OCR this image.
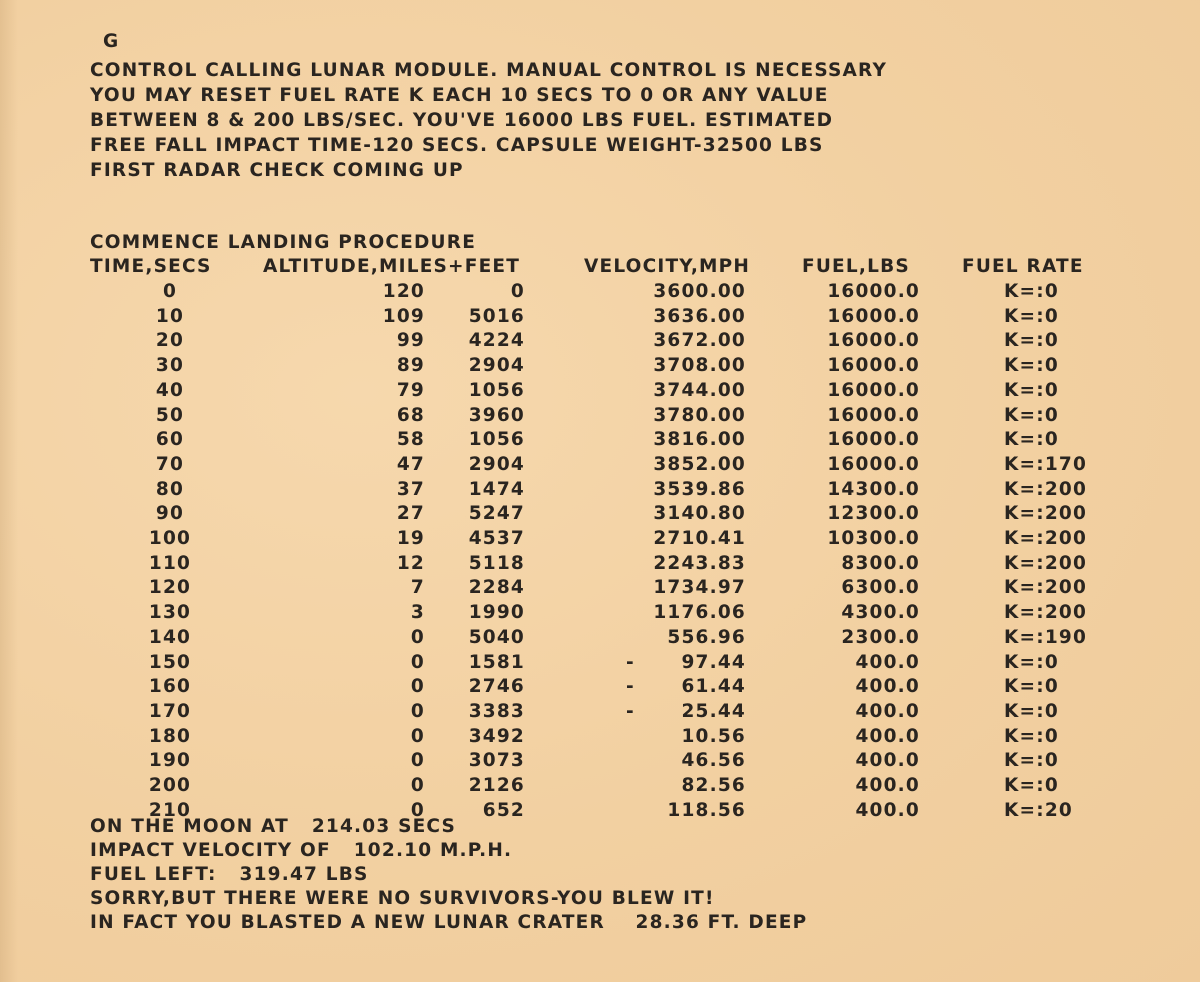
G
CONTROL CALLING LUNAR MODULE. MANUAL CONTROL IS NECESSARY
YOU MAY RESET FUEL RATE K EACH 10 SECS TO 0 OR ANY VALUE
BETWEEN 8 & 200 LBS/SEC. YOU'VE 16000 LBS FUEL. ESTIMATED
FREE FALL IMPACT TIME-120 SECS. CAPSULE WEIGHT-32500 LBS
FIRST RADAR CHECK COMING UP
COMMENCE LANDING PROCEDURE
TIME,SECS	ALTITUDE,MILES+FEET	VELOCITY,MPH	FUEL,LBS	FUEL RATE
0	120	0	3600.00	16000.0	K=:0
10	109	5016	3636.00	16000.0	K=:0
20	99	4224	3672.00	16000.0	K=:0
30	89	2904	3708.00	16000.0	K=:0
40	79	1056	3744.00	16000.0	K=:0
50	68	3960	3780.00	16000.0	K=:0
60	58	1056	3816.00	16000.0	K=:0
70	47	2904	3852.00	16000.0	K=:170
80	37	1474	3539.86	14300.0	K=:200
90	27	5247	3140.80	12300.0	K=:200
100	19	4537	2710.41	10300.0	K=:200
110	12	5118	2243.83	8300.0	K=:200
120	7	2284	1734.97	6300.0	K=:200
130	3	1990	1176.06	4300.0	K=:200
140	0	5040	556.96	2300.0	K=:190
150	0	1581	-	97.44	400.0	K=:0
160	0	2746	-	61.44	400.0	K=:0
170	0	3383	-	25.44	400.0	K=:0
180	0	3492	10.56	400.0	K=:0
190	0	3073	46.56	400.0	K=:0
200	0	2126	82.56	400.0	K=:0
210	0	652	118.56	400.0	K=:20
ON THE MOON AT   214.03 SECS
IMPACT VELOCITY OF   102.10 M.P.H.
FUEL LEFT:   319.47 LBS
SORRY,BUT THERE WERE NO SURVIVORS-YOU BLEW IT!
IN FACT YOU BLASTED A NEW LUNAR CRATER    28.36 FT. DEEP
